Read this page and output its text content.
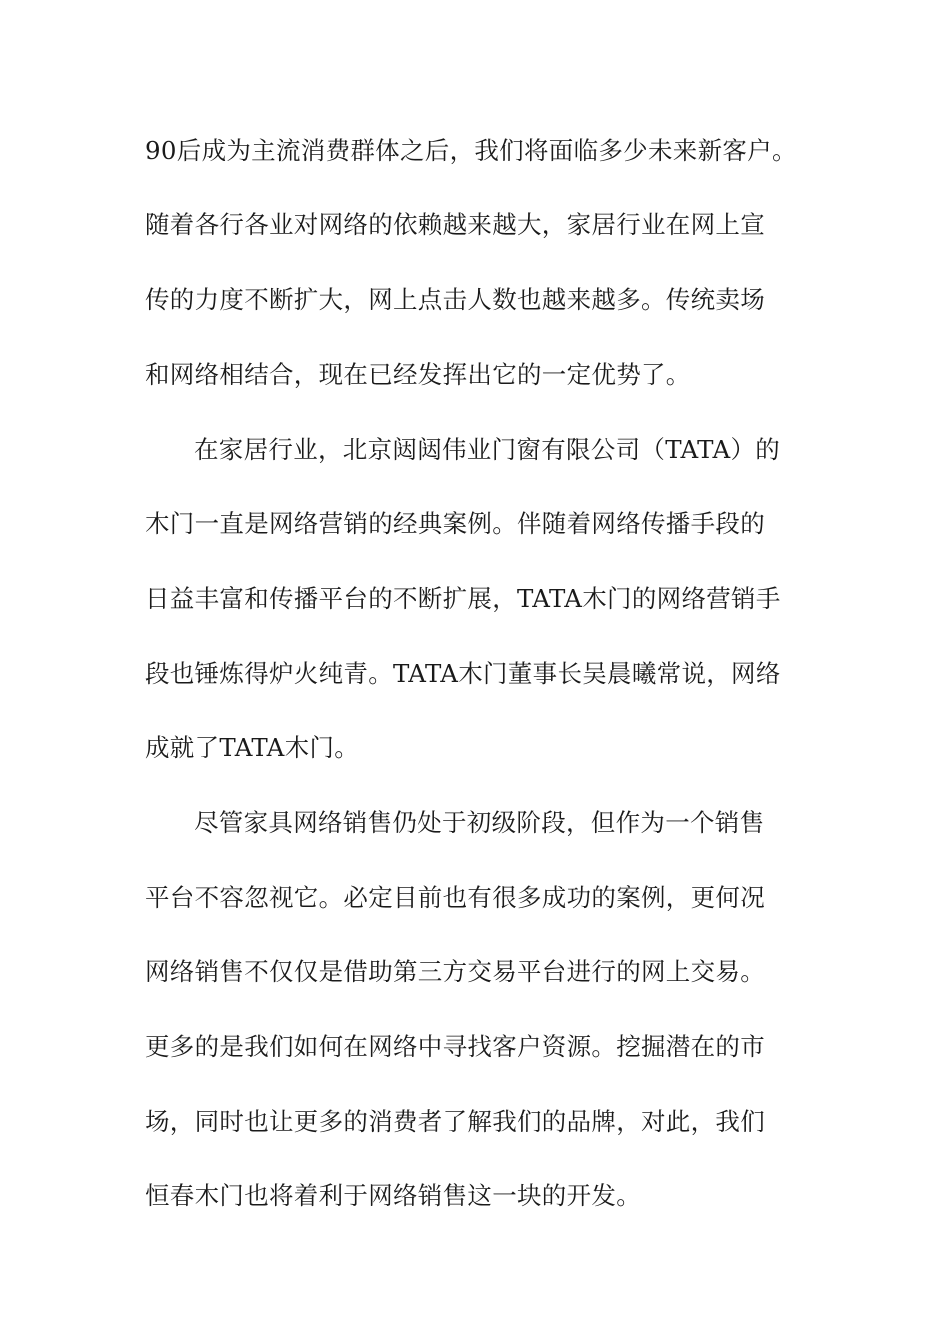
90后成为主流消费群体之后，我们将面临多少未来新客户。
随着各行各业对网络的依赖越来越大，家居行业在网上宣
传的力度不断扩大，网上点击人数也越来越多。传统卖场
和网络相结合，现在已经发挥出它的一定优势了。
在家居行业，北京闼闼伟业门窗有限公司（TATA）的
木门一直是网络营销的经典案例。伴随着网络传播手段的
日益丰富和传播平台的不断扩展，TATA木门的网络营销手
段也锤炼得炉火纯青。TATA木门董事长吴晨曦常说，网络
成就了TATA木门。
尽管家具网络销售仍处于初级阶段，但作为一个销售
平台不容忽视它。必定目前也有很多成功的案例，更何况
网络销售不仅仅是借助第三方交易平台进行的网上交易。
更多的是我们如何在网络中寻找客户资源。挖掘潜在的市
场，同时也让更多的消费者了解我们的品牌，对此，我们
恒春木门也将着利于网络销售这一块的开发。
